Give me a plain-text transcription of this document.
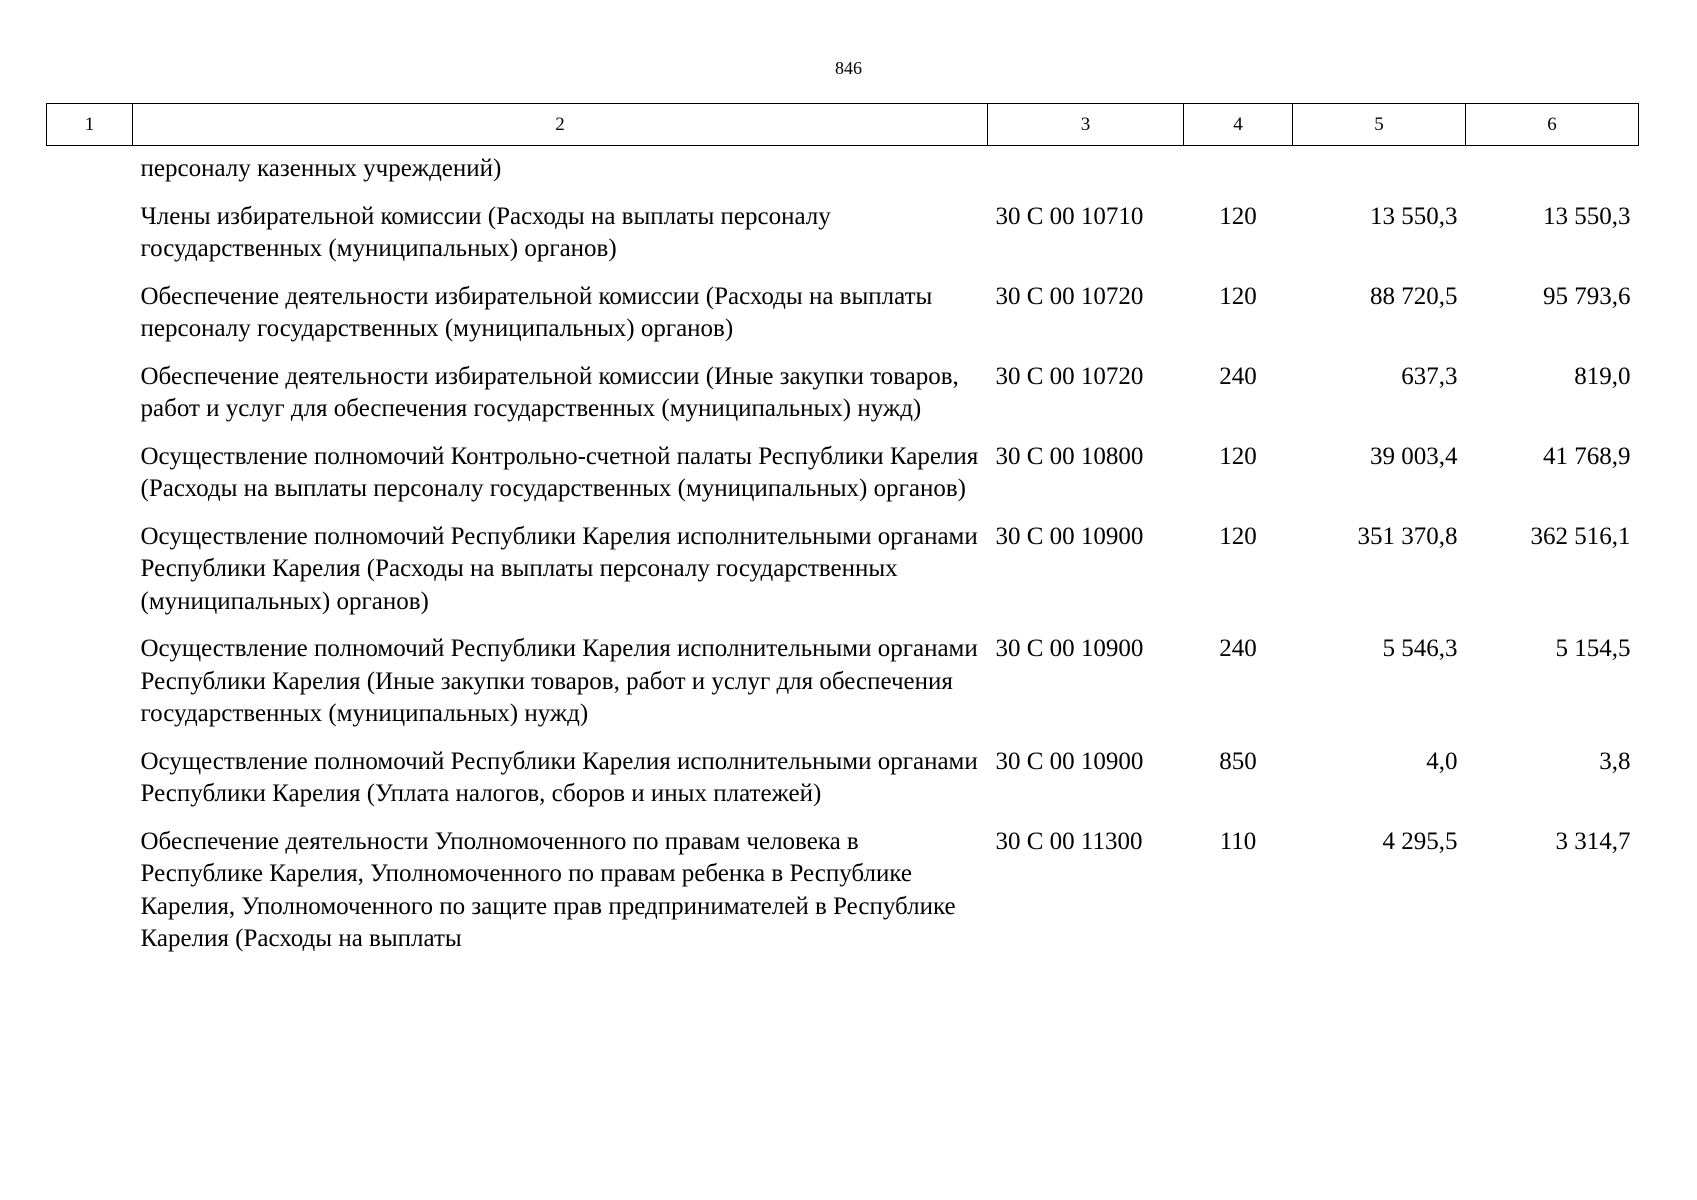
846
1	2	3	4	5	6
	персоналу казенных учреждений)				
	Члены избирательной комиссии (Расходы на выплаты персоналу государственных (муниципальных) органов)	30 С 00 10710	120	13 550,3	13 550,3
	Обеспечение деятельности избирательной комиссии (Расходы на выплаты персоналу государственных (муниципальных) органов)	30 С 00 10720	120	88 720,5	95 793,6
	Обеспечение деятельности избирательной комиссии (Иные закупки товаров, работ и услуг для обеспечения государственных (муниципальных) нужд)	30 С 00 10720	240	637,3	819,0
	Осуществление полномочий Контрольно-счетной палаты Республики Карелия (Расходы на выплаты персоналу государственных (муниципальных) органов)	30 С 00 10800	120	39 003,4	41 768,9
	Осуществление полномочий Республики Карелия исполнительными органами Республики Карелия (Расходы на выплаты персоналу государственных (муниципальных) органов)	30 С 00 10900	120	351 370,8	362 516,1
	Осуществление полномочий Республики Карелия исполнительными органами Республики Карелия (Иные закупки товаров, работ и услуг для обеспечения государственных (муниципальных) нужд)	30 С 00 10900	240	5 546,3	5 154,5
	Осуществление полномочий Республики Карелия исполнительными органами Республики Карелия (Уплата налогов, сборов и иных платежей)	30 С 00 10900	850	4,0	3,8
	Обеспечение деятельности Уполномоченного по правам человека в Республике Карелия, Уполномоченного по правам ребенка в Республике Карелия, Уполномоченного по защите прав предпринимателей в Республике Карелия (Расходы на выплаты	30 С 00 11300	110	4 295,5	3 314,7
